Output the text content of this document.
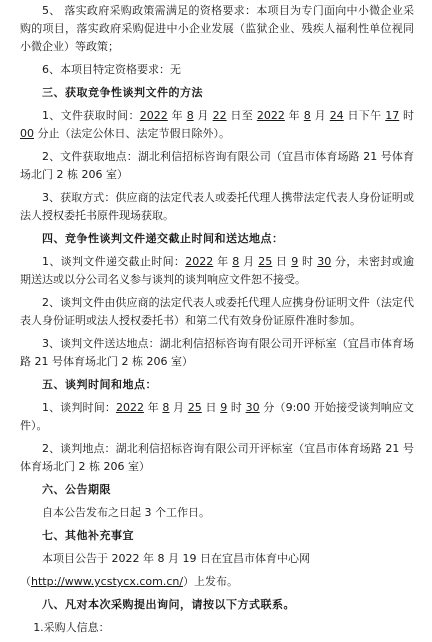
5、 落实政府采购政策需满足的资格要求：本项目为专门面向中小微企业采购的项目，落实政府采购促进中小企业发展（监狱企业、残疾人福利性单位视同小微企业）等政策；

6、本项目特定资格要求：无

三、获取竞争性谈判文件的方法

1、文件获取时间：2022 年 8 月 22 日至 2022 年 8 月 24 日下午 17 时 00 分止（法定公休日、法定节假日除外）。

2、文件获取地点：湖北利信招标咨询有限公司（宜昌市体育场路 21 号体育场北门 2 栋 206 室）

3、获取方式：供应商的法定代表人或委托代理人携带法定代表人身份证明或法人授权委托书原件现场获取。

四、竞争性谈判文件递交截止时间和送达地点：

1、谈判文件递交截止时间：2022 年 8 月 25 日 9 时 30 分，未密封或逾期送达或以分公司名义参与谈判的谈判响应文件恕不接受。

2、谈判文件由供应商的法定代表人或委托代理人应携身份证明文件（法定代表人身份证明或法人授权委托书）和第二代有效身份证原件准时参加。

3、谈判文件送达地点：湖北利信招标咨询有限公司开评标室（宜昌市体育场路 21 号体育场北门 2 栋 206 室）

五、谈判时间和地点：

1、谈判时间：2022 年 8 月 25 日 9 时 30 分（9:00 开始接受谈判响应文件）。

2、谈判地点：湖北利信招标咨询有限公司开评标室（宜昌市体育场路 21 号体育场北门 2 栋 206 室）

六、公告期限

自本公告发布之日起 3 个工作日。

七、其他补充事宜

本项目公告于 2022 年 8 月 19 日在宜昌市体育中心网

（http://www.ycstycx.com.cn/）上发布。

八、凡对本次采购提出询问，请按以下方式联系。

1.采购人信息：
